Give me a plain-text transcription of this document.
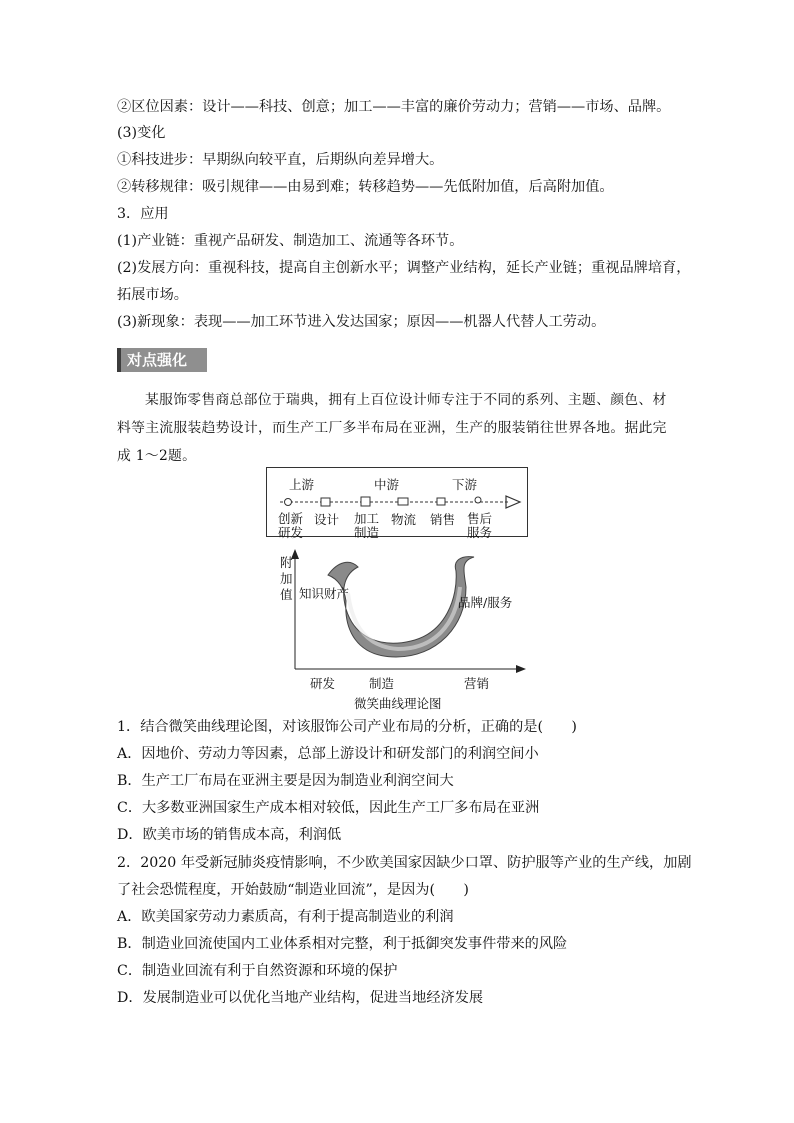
②区位因素：设计——科技、创意；加工——丰富的廉价劳动力；营销——市场、品牌。
(3)变化
①科技进步：早期纵向较平直，后期纵向差异增大。
②转移规律：吸引规律——由易到难；转移趋势——先低附加值，后高附加值。
3．应用
(1)产业链：重视产品研发、制造加工、流通等各环节。
(2)发展方向：重视科技，提高自主创新水平；调整产业结构，延长产业链；重视品牌培育，
拓展市场。
(3)新现象：表现——加工环节进入发达国家；原因——机器人代替人工劳动。
对点强化
某服饰零售商总部位于瑞典，拥有上百位设计师专注于不同的系列、主题、颜色、材料等主流服装趋势设计，而生产工厂多半布局在亚洲，生产的服装销往世界各地。据此完成 1～2题。
上游	中游	下游
创新
研发
设计 加工
制造
物流 销售 售后
服务
附
加
值 知识财产
品牌/服务
研发	制造	营销
微笑曲线理论图
1．结合微笑曲线理论图，对该服饰公司产业布局的分析，正确的是(　　)
A．因地价、劳动力等因素，总部上游设计和研发部门的利润空间小
B．生产工厂布局在亚洲主要是因为制造业利润空间大
C．大多数亚洲国家生产成本相对较低，因此生产工厂多布局在亚洲
D．欧美市场的销售成本高，利润低
2．2020 年受新冠肺炎疫情影响，不少欧美国家因缺少口罩、防护服等产业的生产线，加剧
了社会恐慌程度，开始鼓励“制造业回流”，是因为(　　)
A．欧美国家劳动力素质高，有利于提高制造业的利润
B．制造业回流使国内工业体系相对完整，利于抵御突发事件带来的风险
C．制造业回流有利于自然资源和环境的保护
D．发展制造业可以优化当地产业结构，促进当地经济发展
